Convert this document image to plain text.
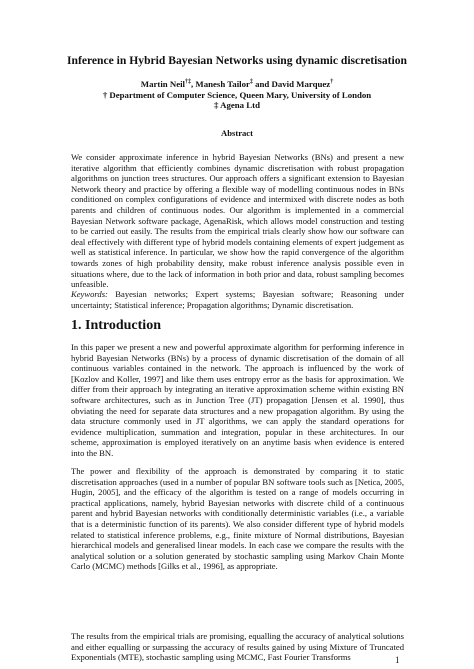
Inference in Hybrid Bayesian Networks using dynamic discretisation
Martin Neil†‡, Manesh Tailor‡ and David Marquez†
† Department of Computer Science, Queen Mary, University of London
‡ Agena Ltd
Abstract
We consider approximate inference in hybrid Bayesian Networks (BNs) and present a new iterative algorithm that efficiently combines dynamic discretisation with robust propagation algorithms on junction trees structures. Our approach offers a significant extension to Bayesian Network theory and practice by offering a flexible way of modelling continuous nodes in BNs conditioned on complex configurations of evidence and intermixed with discrete nodes as both parents and children of continuous nodes. Our algorithm is implemented in a commercial Bayesian Network software package, AgenaRisk, which allows model construction and testing to be carried out easily. The results from the empirical trials clearly show how our software can deal effectively with different type of hybrid models containing elements of expert judgement as well as statistical inference. In particular, we show how the rapid convergence of the algorithm towards zones of high probability density, make robust inference analysis possible even in situations where, due to the lack of information in both prior and data, robust sampling becomes unfeasible.
Keywords: Bayesian networks; Expert systems; Bayesian software; Reasoning under uncertainty; Statistical inference; Propagation algorithms; Dynamic discretisation.
1. Introduction
In this paper we present a new and powerful approximate algorithm for performing inference in hybrid Bayesian Networks (BNs) by a process of dynamic discretisation of the domain of all continuous variables contained in the network. The approach is influenced by the work of [Kozlov and Koller, 1997] and like them uses entropy error as the basis for approximation. We differ from their approach by integrating an iterative approximation scheme within existing BN software architectures, such as in Junction Tree (JT) propagation [Jensen et al. 1990], thus obviating the need for separate data structures and a new propagation algorithm. By using the data structure commonly used in JT algorithms, we can apply the standard operations for evidence multiplication, summation and integration, popular in these architectures. In our scheme, approximation is employed iteratively on an anytime basis when evidence is entered into the BN.
The power and flexibility of the approach is demonstrated by comparing it to static discretisation approaches (used in a number of popular BN software tools such as [Netica, 2005, Hugin, 2005], and the efficacy of the algorithm is tested on a range of models occurring in practical applications, namely, hybrid Bayesian networks with discrete child of a continuous parent and hybrid Bayesian networks with conditionally deterministic variables (i.e., a variable that is a deterministic function of its parents). We also consider different type of hybrid models related to statistical inference problems, e.g., finite mixture of Normal distributions, Bayesian hierarchical models and generalised linear models. In each case we compare the results with the analytical solution or a solution generated by stochastic sampling using Markov Chain Monte Carlo (MCMC) methods [Gilks et al., 1996], as appropriate.
The results from the empirical trials are promising, equalling the accuracy of analytical solutions and either equalling or surpassing the accuracy of results gained by using Mixture of Truncated Exponentials (MTE), stochastic sampling using MCMC, Fast Fourier Transforms	1
